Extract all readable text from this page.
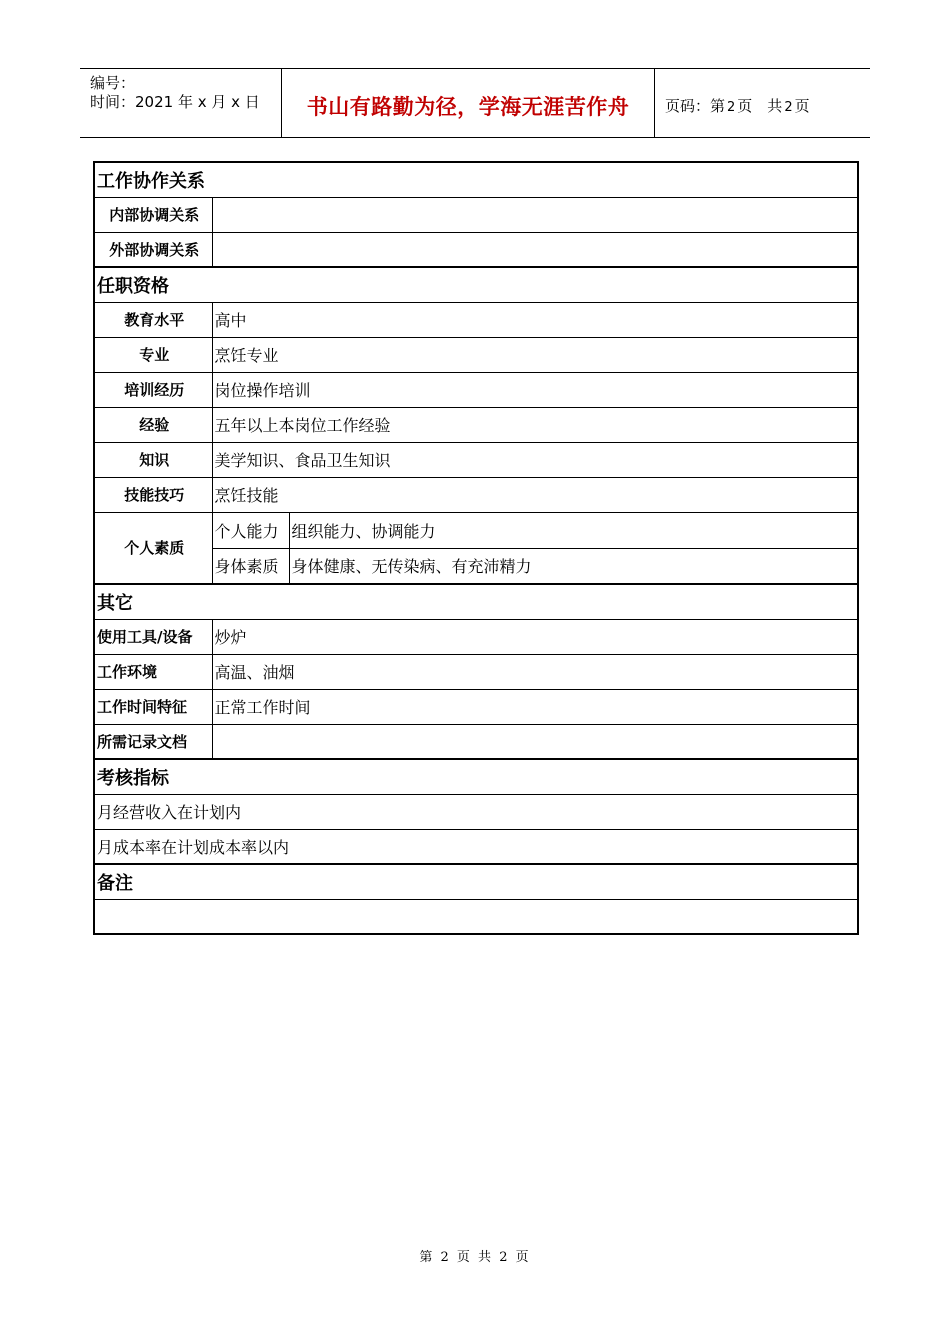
编号：
时间：2021 年 x 月 x 日	书山有路勤为径，学海无涯苦作舟	页码：第 2 页　共 2 页
工作协作关系		
内部协调关系		
外部协调关系		
任职资格		
教育水平	高中	
专业	烹饪专业	
培训经历	岗位操作培训	
经验	五年以上本岗位工作经验	
知识	美学知识、食品卫生知识	
技能技巧	烹饪技能	
个人素质	个人能力	组织能力、协调能力
	身体素质	身体健康、无传染病、有充沛精力
其它		
使用工具/设备	炒炉	
工作环境	高温、油烟	
工作时间特征	正常工作时间	
所需记录文档		
考核指标		
月经营收入在计划内		
月成本率在计划成本率以内		
备注		

第 2 页 共 2 页
